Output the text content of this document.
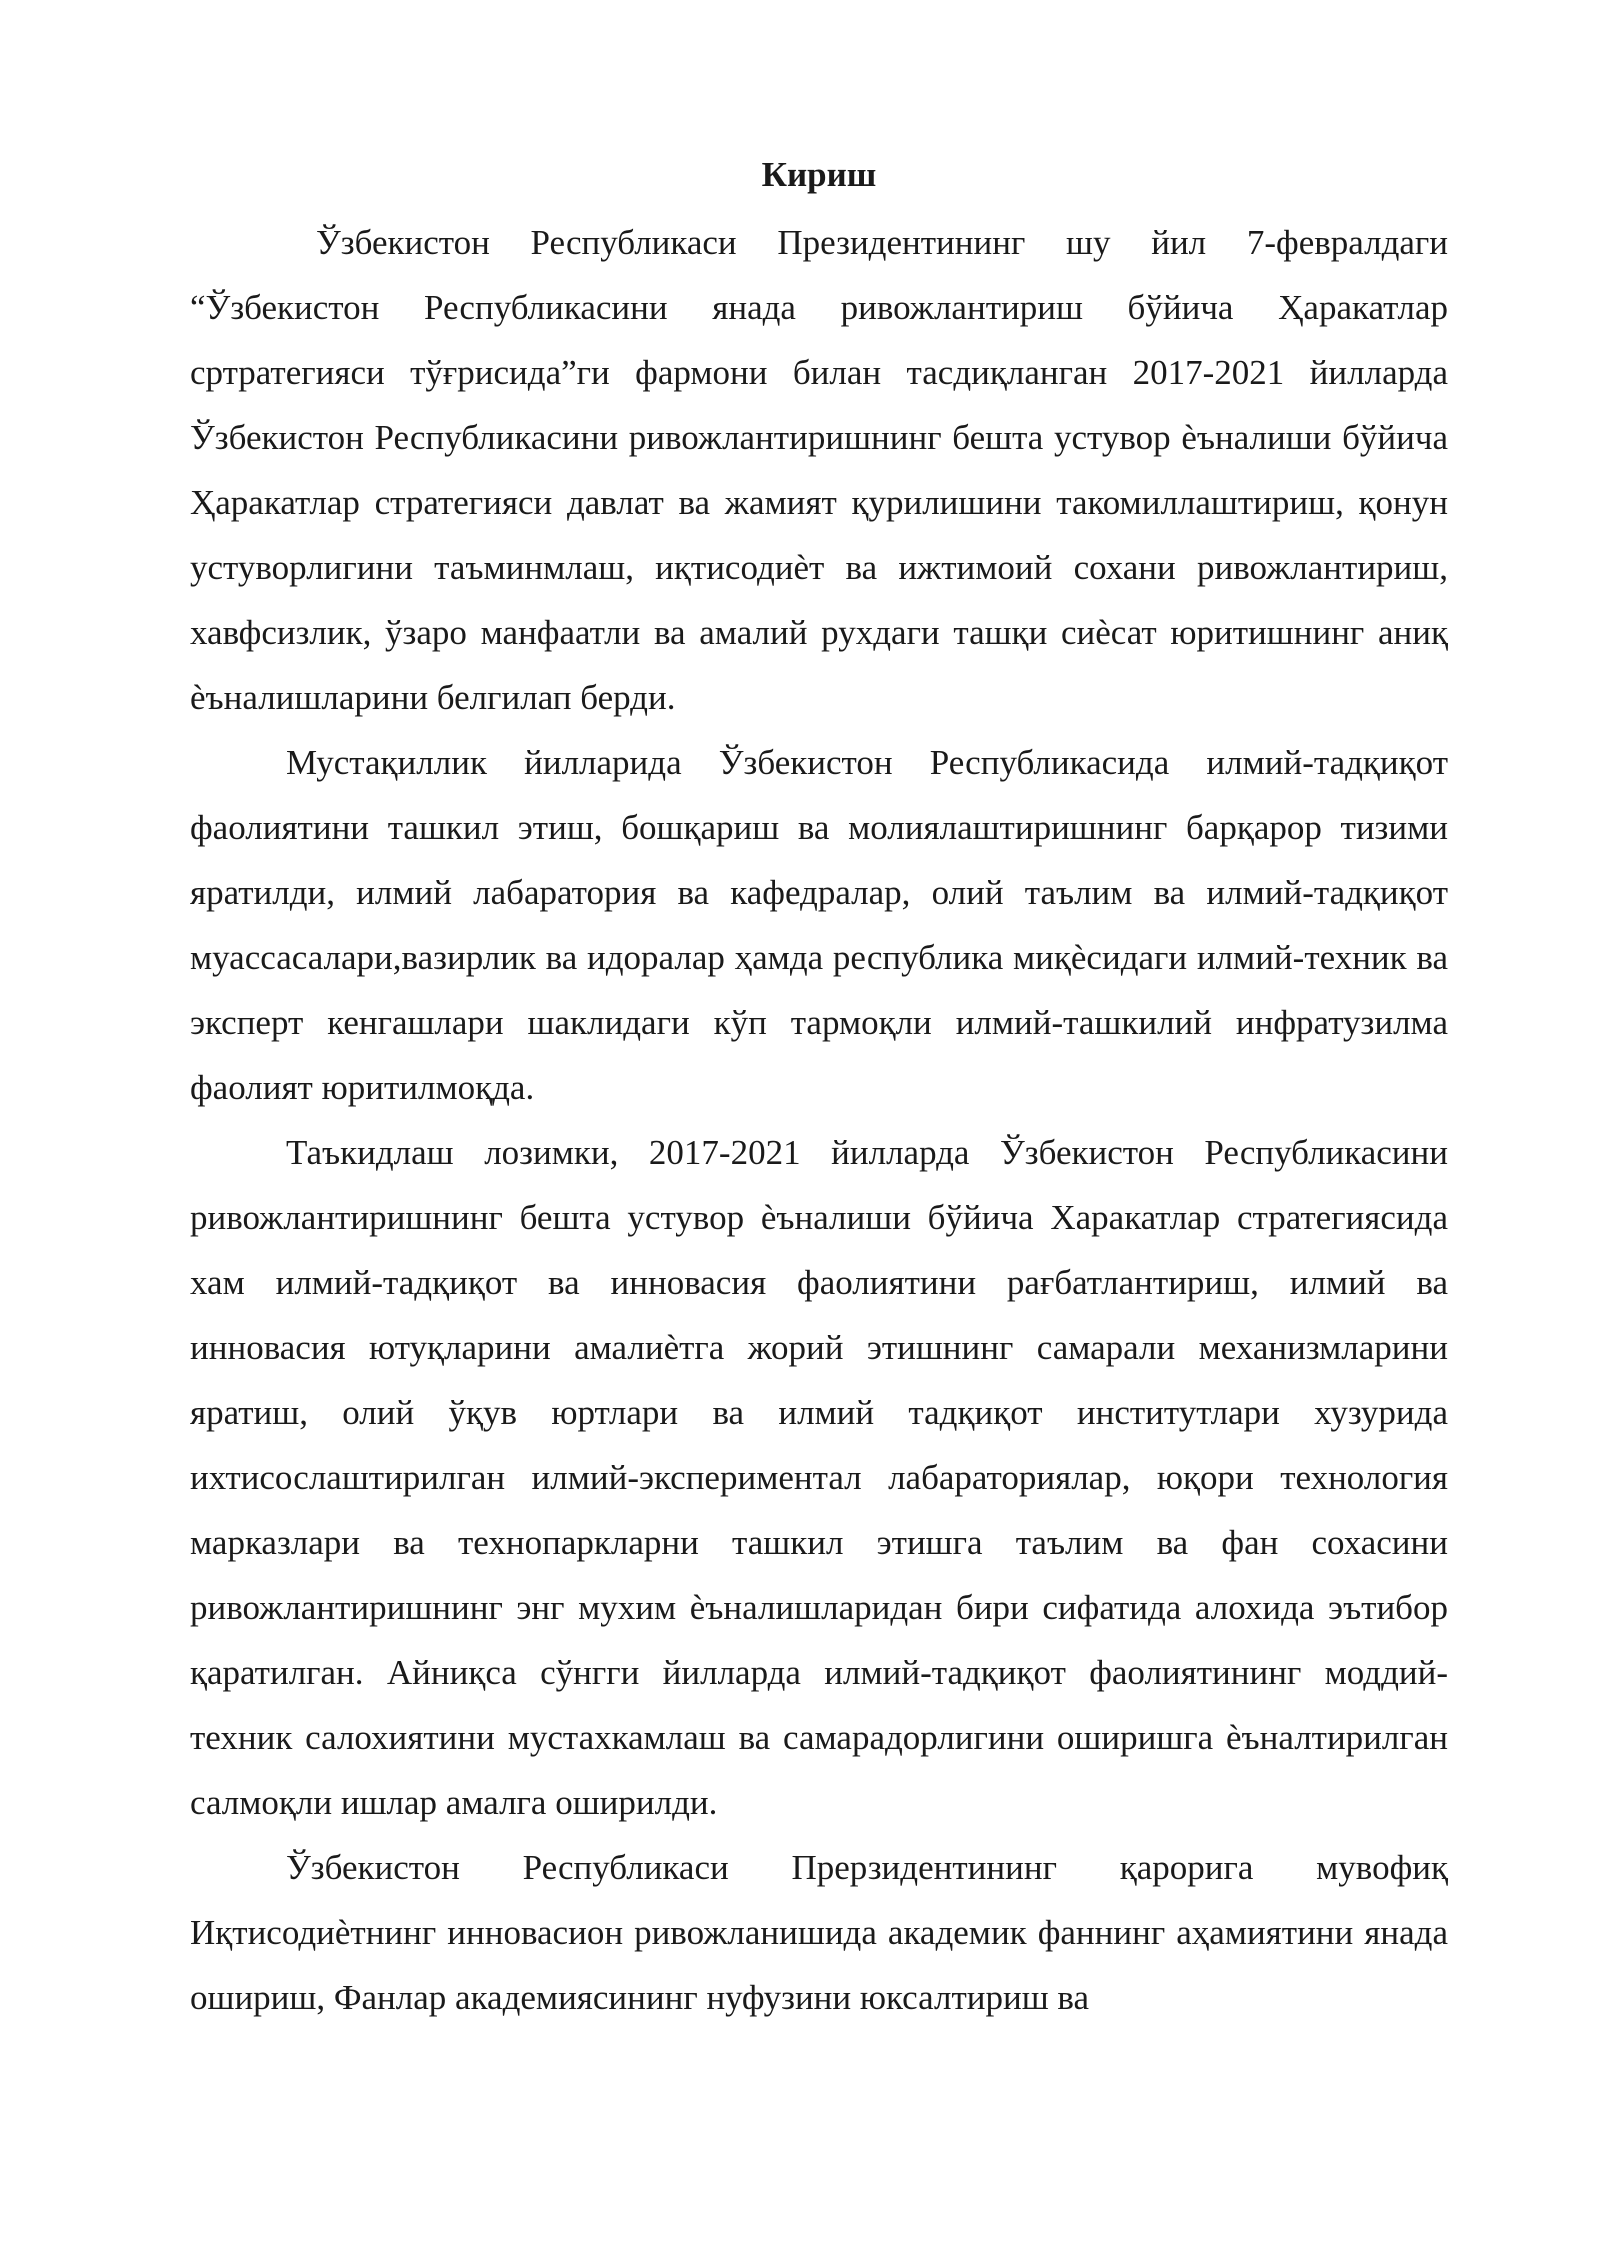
Кириш

Ўзбекистон Республикаси Президентининг шу йил 7-февралдаги “Ўзбекистон Республикасини янада ривожлантириш бўйича Ҳаракатлар сртратегияси тўғрисида”ги фармони билан тасдиқланган 2017-2021 йилларда Ўзбекистон Республикасини ривожлантиришнинг бешта устувор ѐъналиши бўйича Ҳаракатлар стратегияси давлат ва жамият қурилишини такомиллаштириш, қонун устуворлигини таъминмлаш, иқтисодиѐт ва ижтимоий сохани ривожлантириш, хавфсизлик, ўзаро манфаатли ва амалий рухдаги ташқи сиѐсат юритишнинг аниқ ѐъналишларини белгилап берди.

Мустақиллик йилларида Ўзбекистон Республикасида илмий-тадқиқот фаолиятини ташкил этиш, бошқариш ва молиялаштиришнинг барқарор тизими яратилди, илмий лабаратория ва кафедралар, олий таълим ва илмий-тадқиқот муассасалари,вазирлик ва идоралар ҳамда республика миқѐсидаги илмий-техник ва эксперт кенгашлари шаклидаги кўп тармоқли илмий-ташкилий инфратузилма фаолият юритилмоқда.

Таъкидлаш лозимки, 2017-2021 йилларда Ўзбекистон Республикасини ривожлантиришнинг бешта устувор ѐъналиши бўйича Харакатлар стратегиясида хам илмий-тадқиқот ва инновасия фаолиятини рағбатлантириш, илмий ва инновасия ютуқларини амалиѐтга жорий этишнинг самарали механизмларини яратиш, олий ўқув юртлари ва илмий тадқиқот институтлари хузурида ихтисослаштирилган илмий-экспериментал лабараториялар, юқори технология марказлари ва технопаркларни ташкил этишга таълим ва фан сохасини ривожлантиришнинг энг мухим ѐъналишларидан бири сифатида алохида эътибор қаратилган. Айниқса сўнгги йилларда илмий-тадқиқот фаолиятининг моддий-техник салохиятини мустахкамлаш ва самарадорлигини оширишга ѐъналтирилган салмоқли ишлар амалга оширилди.

Ўзбекистон Республикаси Прерзидентининг қарорига мувофиқ Иқтисодиѐтнинг инновасион ривожланишида академик фаннинг аҳамиятини янада ошириш, Фанлар академиясининг нуфузини юксалтириш ва
